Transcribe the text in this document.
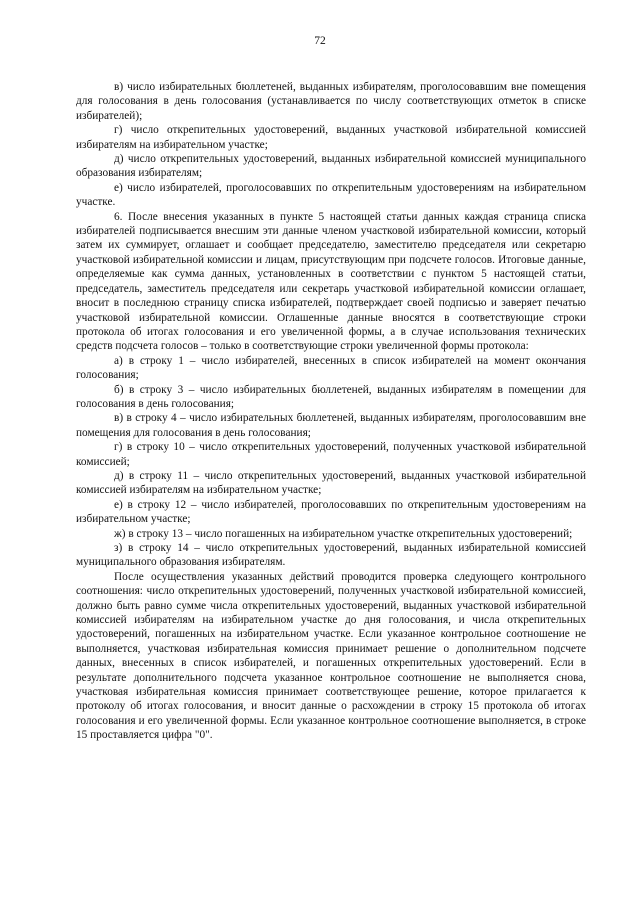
72

в) число избирательных бюллетеней, выданных избирателям, проголосовавшим вне помещения для голосования в день голосования (устанавливается по числу соответствующих отметок в списке избирателей);

г) число открепительных удостоверений, выданных участковой избирательной комиссией избирателям на избирательном участке;

д) число открепительных удостоверений, выданных избирательной комиссией муниципального образования избирателям;

е) число избирателей, проголосовавших по открепительным удостоверениям на избирательном участке.

6. После внесения указанных в пункте 5 настоящей статьи данных каждая страница списка избирателей подписывается внесшим эти данные членом участковой избирательной комиссии, который затем их суммирует, оглашает и сообщает председателю, заместителю председателя или секретарю участковой избирательной комиссии и лицам, присутствующим при подсчете голосов. Итоговые данные, определяемые как сумма данных, установленных в соответствии с пунктом 5 настоящей статьи, председатель, заместитель председателя или секретарь участковой избирательной комиссии оглашает, вносит в последнюю страницу списка избирателей, подтверждает своей подписью и заверяет печатью участковой избирательной комиссии. Оглашенные данные вносятся в соответствующие строки протокола об итогах голосования и его увеличенной формы, а в случае использования технических средств подсчета голосов – только в соответствующие строки увеличенной формы протокола:

а) в строку 1 – число избирателей, внесенных в список избирателей на момент окончания голосования;

б) в строку 3 – число избирательных бюллетеней, выданных избирателям в помещении для голосования в день голосования;

в) в строку 4 – число избирательных бюллетеней, выданных избирателям, проголосовавшим вне помещения для голосования в день голосования;

г) в строку 10 – число открепительных удостоверений, полученных участковой избирательной комиссией;

д) в строку 11 – число открепительных удостоверений, выданных участковой избирательной комиссией избирателям на избирательном участке;

е) в строку 12 – число избирателей, проголосовавших по открепительным удостоверениям на избирательном участке;

ж) в строку 13 – число погашенных на избирательном участке открепительных удостоверений;

з) в строку 14 – число открепительных удостоверений, выданных избирательной комиссией муниципального образования избирателям.

После осуществления указанных действий проводится проверка следующего контрольного соотношения: число открепительных удостоверений, полученных участковой избирательной комиссией, должно быть равно сумме числа открепительных удостоверений, выданных участковой избирательной комиссией избирателям на избирательном участке до дня голосования, и числа открепительных удостоверений, погашенных на избирательном участке. Если указанное контрольное соотношение не выполняется, участковая избирательная комиссия принимает решение о дополнительном подсчете данных, внесенных в список избирателей, и погашенных открепительных удостоверений. Если в результате дополнительного подсчета указанное контрольное соотношение не выполняется снова, участковая избирательная комиссия принимает соответствующее решение, которое прилагается к протоколу об итогах голосования, и вносит данные о расхождении в строку 15 протокола об итогах голосования и его увеличенной формы. Если указанное контрольное соотношение выполняется, в строке 15 проставляется цифра "0".
